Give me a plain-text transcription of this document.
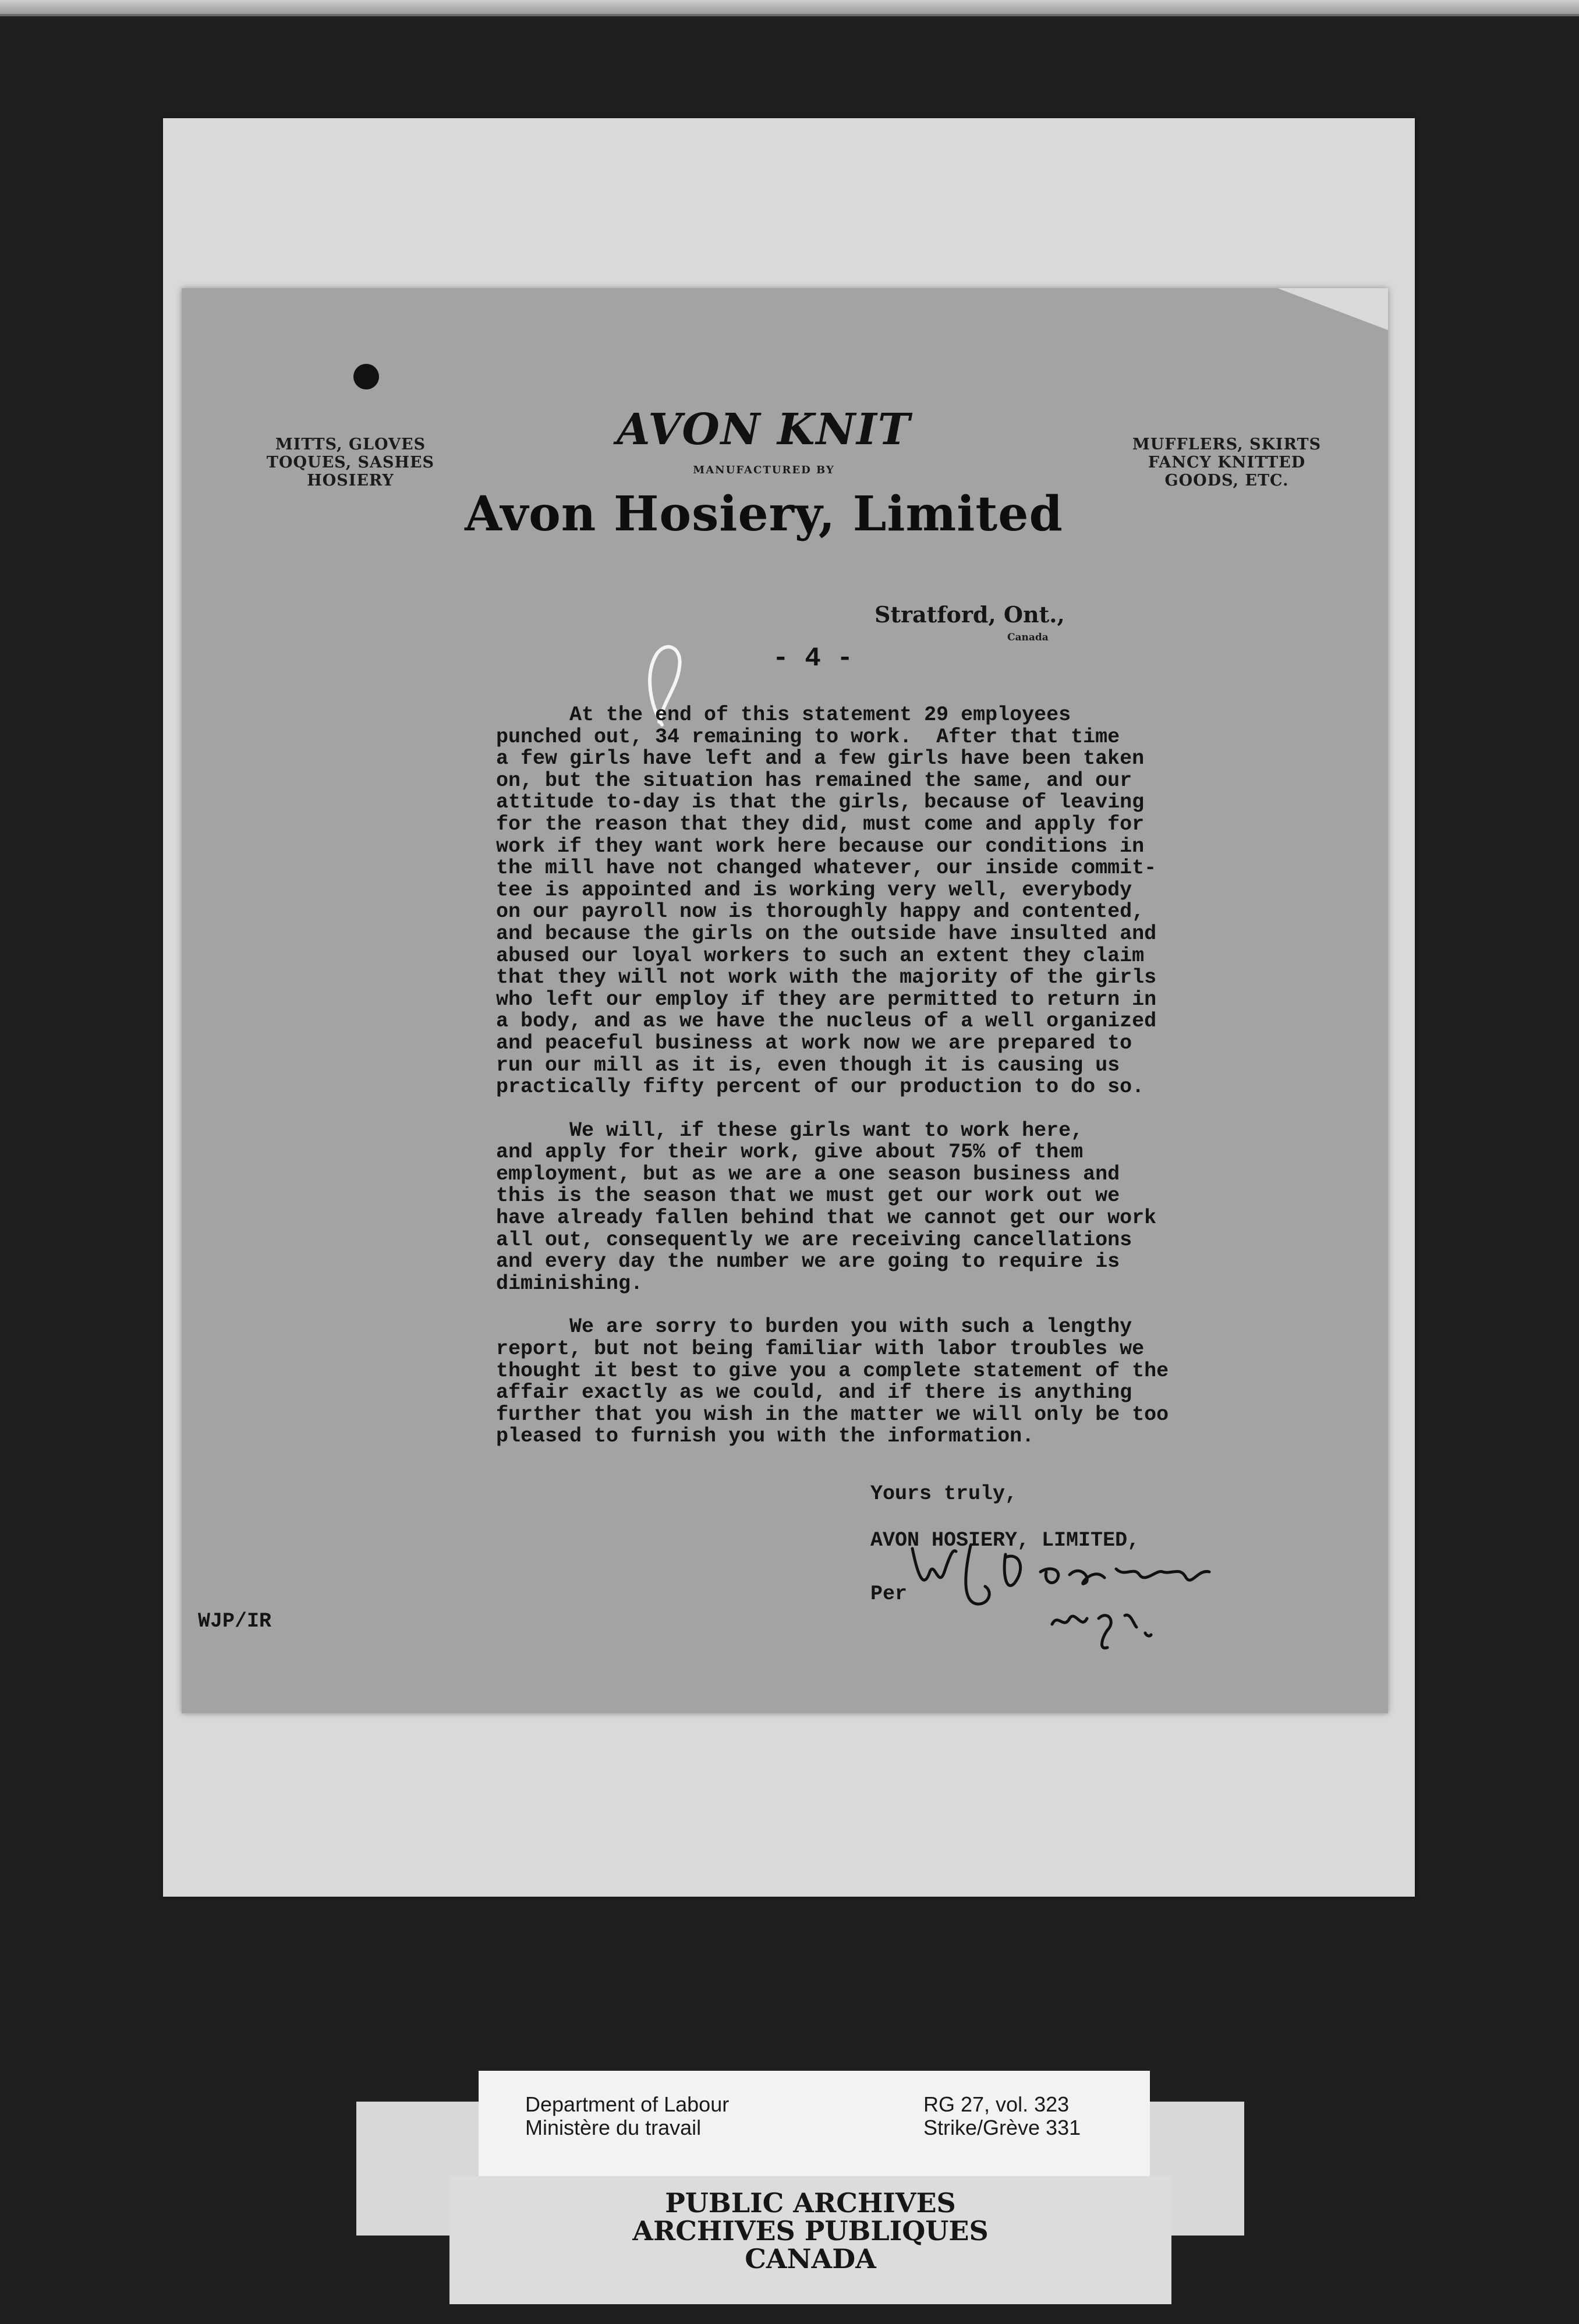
MITTS, GLOVES
TOQUES, SASHES
HOSIERY
AVON KNIT
MANUFACTURED BY
Avon Hosiery, Limited
MUFFLERS, SKIRTS
FANCY KNITTED
GOODS, ETC.
Stratford, Ont.,
Canada
- 4 -
At the end of this statement 29 employees
punched out, 34 remaining to work.  After that time
a few girls have left and a few girls have been taken
on, but the situation has remained the same, and our
attitude to-day is that the girls, because of leaving
for the reason that they did, must come and apply for
work if they want work here because our conditions in
the mill have not changed whatever, our inside commit-
tee is appointed and is working very well, everybody
on our payroll now is thoroughly happy and contented,
and because the girls on the outside have insulted and
abused our loyal workers to such an extent they claim
that they will not work with the majority of the girls
who left our employ if they are permitted to return in
a body, and as we have the nucleus of a well organized
and peaceful business at work now we are prepared to
run our mill as it is, even though it is causing us
practically fifty percent of our production to do so.
We will, if these girls want to work here,
and apply for their work, give about 75% of them
employment, but as we are a one season business and
this is the season that we must get our work out we
have already fallen behind that we cannot get our work
all out, consequently we are receiving cancellations
and every day the number we are going to require is
diminishing.
We are sorry to burden you with such a lengthy
report, but not being familiar with labor troubles we
thought it best to give you a complete statement of the
affair exactly as we could, and if there is anything
further that you wish in the matter we will only be too
pleased to furnish you with the information.
Yours truly,
AVON HOSIERY, LIMITED,
Per
WJP/IR
Department of Labour
Ministère du travail
RG 27, vol. 323
Strike/Grève 331
PUBLIC ARCHIVES
ARCHIVES PUBLIQUES
CANADA
